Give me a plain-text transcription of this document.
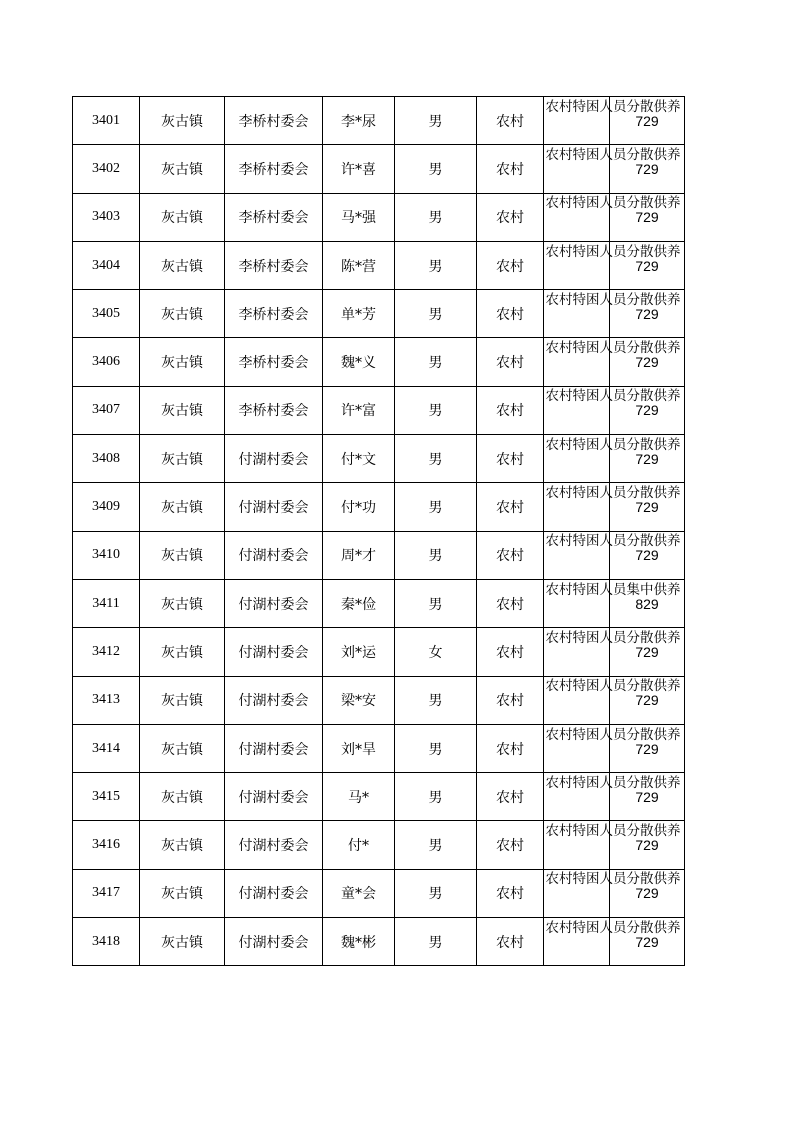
3401	灰古镇	李桥村委会	李*尿	男	农村	农村特困人员分散供养	729
3402	灰古镇	李桥村委会	许*喜	男	农村	农村特困人员分散供养	729
3403	灰古镇	李桥村委会	马*强	男	农村	农村特困人员分散供养	729
3404	灰古镇	李桥村委会	陈*营	男	农村	农村特困人员分散供养	729
3405	灰古镇	李桥村委会	单*芳	男	农村	农村特困人员分散供养	729
3406	灰古镇	李桥村委会	魏*义	男	农村	农村特困人员分散供养	729
3407	灰古镇	李桥村委会	许*富	男	农村	农村特困人员分散供养	729
3408	灰古镇	付湖村委会	付*文	男	农村	农村特困人员分散供养	729
3409	灰古镇	付湖村委会	付*功	男	农村	农村特困人员分散供养	729
3410	灰古镇	付湖村委会	周*才	男	农村	农村特困人员分散供养	729
3411	灰古镇	付湖村委会	秦*俭	男	农村	农村特困人员集中供养	829
3412	灰古镇	付湖村委会	刘*运	女	农村	农村特困人员分散供养	729
3413	灰古镇	付湖村委会	梁*安	男	农村	农村特困人员分散供养	729
3414	灰古镇	付湖村委会	刘*旱	男	农村	农村特困人员分散供养	729
3415	灰古镇	付湖村委会	马*	男	农村	农村特困人员分散供养	729
3416	灰古镇	付湖村委会	付*	男	农村	农村特困人员分散供养	729
3417	灰古镇	付湖村委会	童*会	男	农村	农村特困人员分散供养	729
3418	灰古镇	付湖村委会	魏*彬	男	农村	农村特困人员分散供养	729
